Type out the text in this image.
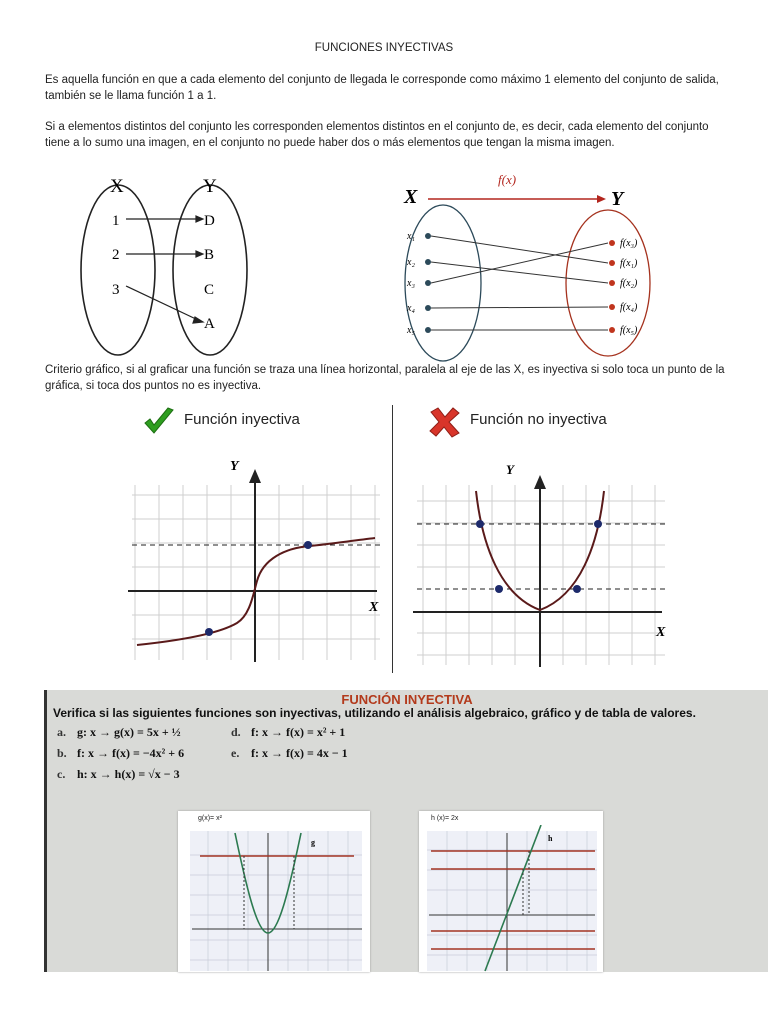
FUNCIONES INYECTIVAS
Es aquella función en que a cada elemento del conjunto de llegada le corresponde como máximo 1 elemento del conjunto de salida, también se le llama función 1 a 1.
Si a elementos distintos del conjunto les corresponden elementos distintos en el conjunto de, es decir, cada elemento del conjunto tiene a lo sumo una imagen, en el conjunto no puede haber dos o más elementos que tengan la misma imagen.
X	Y
1
2
3
D
B
C
A
f(x)
X	Y
x₁
x₂
x₃
x₄
x₅
f(x₃)
f(x₁)
f(x₂)
f(x₄)
f(x₅)
Criterio gráfico, si al graficar una función se traza una línea horizontal, paralela al eje de las X, es inyectiva si solo toca un punto de la gráfica, si toca dos puntos no es inyectiva.
Función inyectiva	Función no inyectiva
Y
X
Y
X
FUNCIÓN INYECTIVA
Verifica si las siguientes funciones son inyectivas, utilizando el análisis algebraico, gráfico y de tabla de valores.
a. g: x → g(x) = 5x + ½
b. f: x → f(x) = −4x² + 6
c. h: x → h(x) = √x − 3
d. f: x → f(x) = x² + 1
e. f: x → f(x) = 4x − 1
g(x)= x²
g
h (x)= 2x
h
